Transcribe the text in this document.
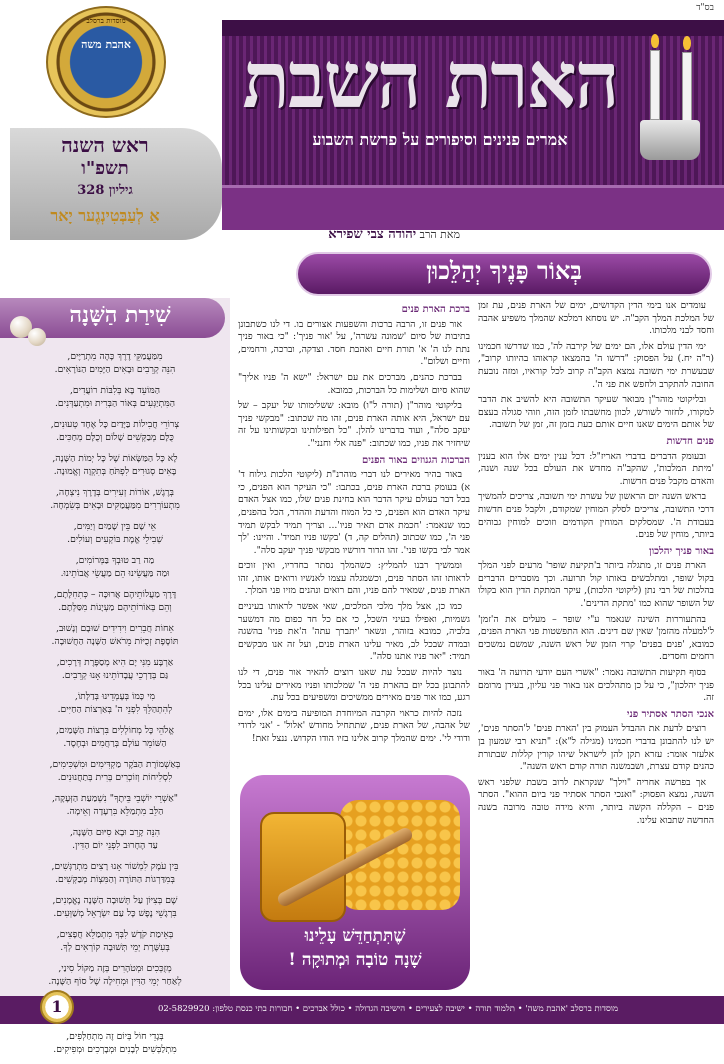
בס"ד
הארת השבת
אמרים פנינים וסיפורים על פרשת השבוע
מוסדות ברסלב
אהבת משה
ראש השנה
תשפ"ו
גיליון 328
אַ לְעַבְּטִינְגֶער יָאר
מאת הרב יהודה צבי שפירא
בְּאוֹר פָּנֶיךָ יְהַלֵּכוּן
שִׁירַת הַשָּׁנָה
מִמַּעֲמַקֵּי דֶרֶךְ כָּהֶה מִתְרַיֶּים,
הִנֵּה קְרֵבִים וּבָאִים הַיָּמִים הַנּוֹרָאִים.
הַמּוֹעֵד בָּא בְּלִבּוֹת רוֹעֲדִים,
הַמִּתְיַגְּעִים בְּאוֹר הַבְּרִית וּמִתְעַדְּנִים.
צְרוֹרֵי חֲבִילוֹת בַּיָּדַיִם כָּל אֶחָד טְעוּנִים,
כֻּלָּם מְבַקְּשִׁים שָׁלוֹם וְכֻלָּם מְחַכִּים.
לָא כָּל הַמַּשָּׂאוֹת שֶׁל כָּל יְמוֹת הַשָּׁנָה,
בָּאִים סְגוּרִים לִפְתֹּחַ בְּתִקְוָה וְאֱמוּנָה.
בְּרֶגֶשׁ, אוֹרוֹת זְעִירִים בְּדֶרֶךְ נִיצְחָה,
מִתְעוֹרְרִים מִמַּעֲמַקִּים וּבָאִים בְּשִׂמְחָה.
אֵי שָׁם בֵּין שָׁמַיִם וְיַמִּים,
שְׁבִילֵי אֱמֶת בּוֹקְעִים וְעוֹלִים.
מַה רַב טוּבְךָ בַּמְּרוֹמִים,
וּמַה מַּעֲשֵׂינוּ הֵם מַעֲשֵׂי אֲבוֹתֵינוּ.
דֶּרֶךְ מַעֲלוֹתֵיהֶם אֲרוּכָּה – כְּתִחִלָּתָם,
וְהֵם בְּאוֹרוֹתֵיהֶם מַעְיָנוֹת מִסַּלְּתָם.
אֵחוֹת חֲבֵרִים וִידִידִים שׁוּבָם וְנָשׁוּב,
תּוֹסֶפֶת זְכֻיּוֹת מֵרֹאשׁ הַשָּׁנָה הַחֲשׁוּבָה.
אַרְבָּע מִנִּי יָם הִיא מְסַפֶּרֶת דְּרָכִים,
גַּם בְּדַרְכֵי עֲבָדוֹתֵינוּ אָנוּ קְרֵבִים.
מִי כָּמוֹ בְּעָמְדֵינוּ בְּדַלָּתוֹ,
לְהִתְהַלֵּךְ לִפְנֵי ה' בְּאַרְצוֹת הַחַיִּים.
אֱלֹהֵי כָּל מְחוֹלְלִים בִּרְצוֹת הַשָּׁמַיִם,
הַשּׁוֹמֵר עוֹלָם בְּרַחֲמִים וּבְחֶסֶד.
בְּאַשְׁמוֹרֶת הַבֹּקֶר מַקְדִּימִים וּמִשְׁכִּימִים,
לִסְלִיחוֹת וְזוֹכְרִים בְּרִית בְּתַחֲנוּנִים.
"אַשְׁרֵי יוֹשְׁבֵי בֵּיתֶךָ" נִשְׁמַעַת הַזְּעָקָה,
הַלֵּב מִתְמַלֵּא בִּרְעָדָה וְאֵימָה.
הִנֵּה קָרֵב וּבָא סִיּוּם הַשָּׁנָה,
עַד הֶחָרוּב לִפְנֵי יוֹם הַדִּין.
בֵּין עֹמֶק לִמְשׁוֹר אָנוּ רָצִים מִתְרַגְּשִׁים,
בְּמִדַּרְגוֹת הַתּוֹרָה וְהַמִּצְוֹת מְבַקְּשִׁים.
שֶׁם בְּצִיּוֹן עַל תְּשׁוּבָה הַשָּׁנָה נֶאֱמָנִים,
בִּרְגָשֵׁי נֶפֶשׁ כָּל עַם יִשְׂרָאֵל מְשַׁוְּעִים.
בְּאֵימַת קֹדֶשׁ לִבְּךָ מִתְמַלֵּא חֲפָצִים,
בְּעִשֶּׁרֶת יְמֵי תְּשׁוּבָה קוֹרְאִים לְךָ.
מְזֻכְּכִים וּמְטֹהָרִים בְּזֶה מַקּוֹל סִינַי,
לְאַחַר יְמֵי הַדִּין וּמְחִילָה שֶׁל סוֹף הַשָּׁנָה.

בְּגָדֵי חוֹל בְּיוֹם זֶה מִתְחַלְּפִים,
מִתְלַבְּשִׁים לְבָנִים וּמְבָרְכִים וּמְפִיקִים.

עומדים אנו בימי הדין הקדושים, ימים של הארת פנים, עת זמן של המלכת המלך הקב"ה. יש נוסחא דמלכא שהמלך משפיע אהבה וחסד לבני מלכותו.

ימי הדין עולם אלו, הם ימים של קירבה לה', כמו שדרשו חכמינו (ר"ה יח.) על הפסוק: "דרשו ה' בהמצאו קראוהו בהיותו קרוב", שבעשרת ימי תשובה נמצא הקב"ה קרוב לכל קוראיו, ומזה נובעת החובה להתקרב ולחפש את פני ה'.

ובליקוטי מוהר"ן מבואר שעיקר התשובה היא להשיב את הדבר למקורו, לחזור לשורש, לכוון מחשבתו לזמן הזה, וזוהי סגולה בעצם של אותם הימים שאנו חיים אותם כעת בזמן זה, זמן של תשובה.

פנים חדשות

ובעומק הדברים בדברי האריז"ל: דכל ענין ימים אלו הוא בענין 'מיתת המלכות', שהקב"ה מחדש את העולם בכל שנה ושנה, והאדם מקבל פנים חדשות.

בראש השנה יום הראשון של עשרת ימי תשובה, צריכים להמשיך דרכי התשובה, צריכים לסלק המוחין שמקודם, ולקבל פנים חדשות בעבודת ה'. שמסלקים המוחין הקודמים וזוכים למוחין גבוהים ביותר, מוחין של פנים.

באור פניך יהלכון

הארת פנים זו, מתגלה ביותר ב'תקיעת שופר' מרעים לפני המלך בקול שופר, ומתלבשים באותו קול תרועה. וכך מוסברים הדברים בהלכות של רבי נתן (ליקוטי הלכות), עיקר המתקת הדין הוא בקולו של השופר שהוא כמו 'מתקת הדינים'.

בהתעוררות השינה שנאמר ע"י שופר – מעלים את ה'זמן' ל'למעלה מהזמן' שאין שם דינים. הוא התפשטות פני הארת הפנים, כמובא, 'פנים בפנים' קרוי הזמן של ראש השנה, שמשם נמשכים רחמים וחסדים.

בסוף תקיעות התשובה נאמר: "אשרי העם יודעי תרועה ה' באור פניך יהלכון", כי על כן מתהלכים אנו באור פני עליון, בעידן מרומם זה.

אנכי הסתר אסתיר פני

רוצים לדעת את ההבדל העמוק בין 'הארת פנים' ל'הסתר פנים', יש לנו להתבונן בדברי חכמינו (מגילה ל"א): "תניא רבי שמעון בן אלעזר אומר: עזרא תקן להן לישראל שיהו קורין קללות שבתורת כהנים קודם עצרת, ושבמשנה תורה קודם ראש השנה".

אך בפרשה אחריה "וילך" שנקראת לרוב בשבת שלפני ראש השנה, נמצא הפסוק: "ואנכי הסתר אסתיר פני ביום ההוא". הסתר פנים – הקללה הקשה ביותר, והיא מידה טובה מרובה בשנה החדשה שתבוא עלינו.

ברכת הארת פנים

אור פנים זו, הרבה ברכות והשפעות אצורים בו. די לנו כשתבונן בתיבות של סיום 'שמונה עשרה', על 'אור פניך': "כי באור פניך נתת לנו ה' א' תורת חיים ואהבת חסד. וצדקה, וברכה, ורחמים, וחיים ושלום".

בברכת כהנים, מברכים את עם ישראל: "ישא ה' פניו אליך" שהוא סיום ושלימות כל הברכות, כמובא.

בליקוטי מוהר"ן (תורה ל"ו) מובא: ששלימותו של יעקב – של עם ישראל, היא אותה הארת פנים, זהו מה שכתוב: "מבקשי פניך יעקב סלה", ועוד בדברינו להלן. "כל תפילותינו ובקשותינו על זה שיחזיר את פניו, כמו שכתוב: "פנה אלי וחנני".

הברכות הגנוזים באור הפנים

באור בהיר מאירים לנו דברי מוהרנ"ת (ליקוטי הלכות גילוח ד' א) בעומק ברכת הארת פנים, בכתבו: "כי העיקר הוא הפנים, כי בכל דבר בעולם עיקר הדבר הוא בחינת פנים שלו, כמו אצל האדם עיקר האדם הוא הפנים, כי כל המוח והדעת וההדר, הכל בהפנים, כמו שנאמר: 'חכמת אדם תאיר פניו'... וצריך תמיד לבקש תמיד פני ה', כמו שכתוב (תהלים קה, ד) 'בקשו פניו תמיד'. והיינו: 'לך אמר לבי בקשו פני'. זהו הדור דורשיו מבקשי פניך יעקב סלה".

וממשיך רבנו להמליץ: כשהמלך נסתר בחדריו, ואין זוכים לראותו זהו הסתר פנים, וכשמגלה עצמו לאנשיו ורואים אותו, זהו הארת פנים, שמאיר להם פניו, והם רואים ונהנים מזיו פני המלך.

כמו כן, אצל מלך מלכי המלכים, שאי אפשר לראותו בעיניים גשמיות, ואפילו בעיני השכל, כי אם כל חד כפום מה דמשער בלביה, כמובא בזוהר, ונשאר 'יתברך עתה' ה'את פניו' בהשגה ובמדה שבכל לב, מאיר עלינו הארת פנים, ועל זה אנו מבקשים תמיד: "יאר פניו אתנו סלה".

נוצר להיות שבכל עת שאנו רוצים להאיר אור פנים, די לנו להתבונן בכל יום בהארת פני ה' שמלכותו ופניו מאירים עלינו בכל רגע, כמו אור פנים מאירים ממשיכים ומשפיעים בכל עת.

נזכה להיות כראוי הקרבה המיוחדת המופיעה בימים אלו, ימים של אהבה, של הארת פנים, שתתחיל מחודש 'אלול' - 'אני לדודי ודודי לי'. ימים שהמלך קרוב אלינו בזיו הודו הקדוש. ננצל זאת!

שֶׁתִּתְחַדֵּשׁ עָלֵינוּ
שָׁנָה טוֹבָה וּמְתוּקָה !
מוסדות ברסלב 'אהבת משה' • תלמוד תורה • ישיבה לצעירים • הישיבה הגדולה • כולל אברכים • חבורות בתי כנסת טלפון: 02-5829920
1
